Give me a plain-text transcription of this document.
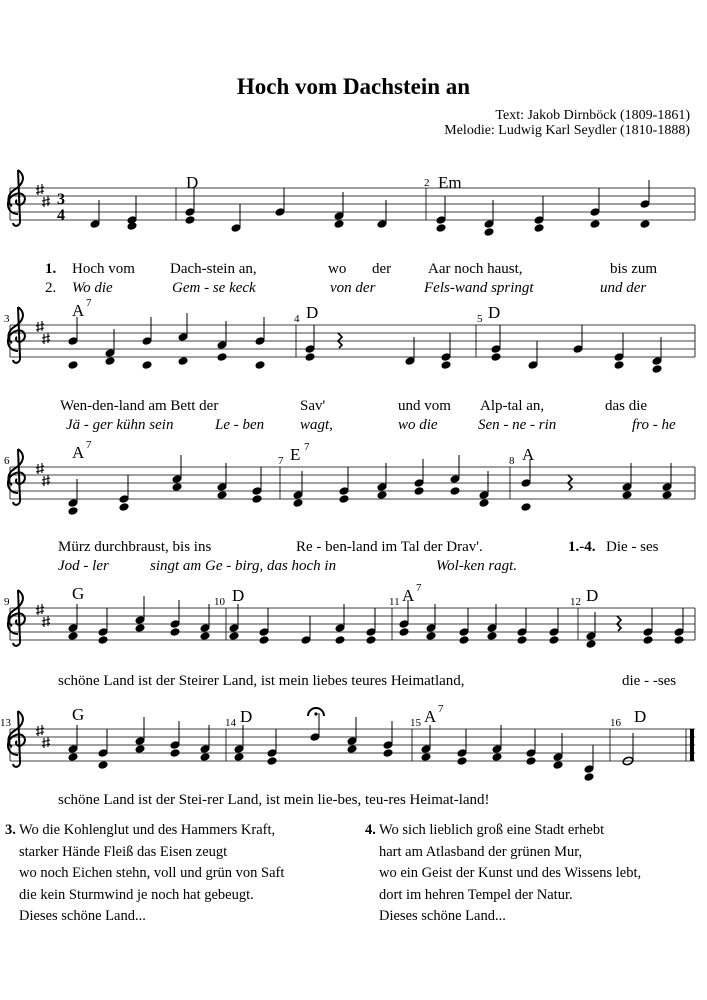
Hoch vom Dachstein an
Text: Jakob Dirnböck (1809-1861)
Melodie: Ludwig Karl Seydler (1810-1888)
3
4
D	Em
2
1. Hoch vom Dach-stein an,	wo der Aar noch haust,	bis zum
2. Wo die	Gem - se keck	von der	Fels-wand springt	und der
A 7	D	D
3	4	5
Wen-den-land am Bett der	Sav'	und vom Alp-tal an,	das die
Jä - ger kühn sein	Le - ben wagt,	wo die	Sen - ne - rin	fro - he
A 7	E 7	A
6	7	8
Mürz durchbraust, bis ins	Re - ben-land im Tal der Drav'.	1.-4. Die - ses
Jod - ler	singt am Ge - birg, das hoch in	Wol-ken ragt.
G	D	A 7	D
9	10	11	12
schöne Land ist der Steirer Land, ist mein liebes teures Heimatland,	die - -ses
G	D	A 7	D
13	14	15	16
schöne Land ist der Stei-rer Land, ist mein lie-bes, teu-res Heimat-land!
3. Wo die Kohlenglut und des Hammers Kraft,
starker Hände Fleiß das Eisen zeugt
wo noch Eichen stehn, voll und grün von Saft
die kein Sturmwind je noch hat gebeugt.
Dieses schöne Land...
4. Wo sich lieblich groß eine Stadt erhebt
hart am Atlasband der grünen Mur,
wo ein Geist der Kunst und des Wissens lebt,
dort im hehren Tempel der Natur.
Dieses schöne Land...
